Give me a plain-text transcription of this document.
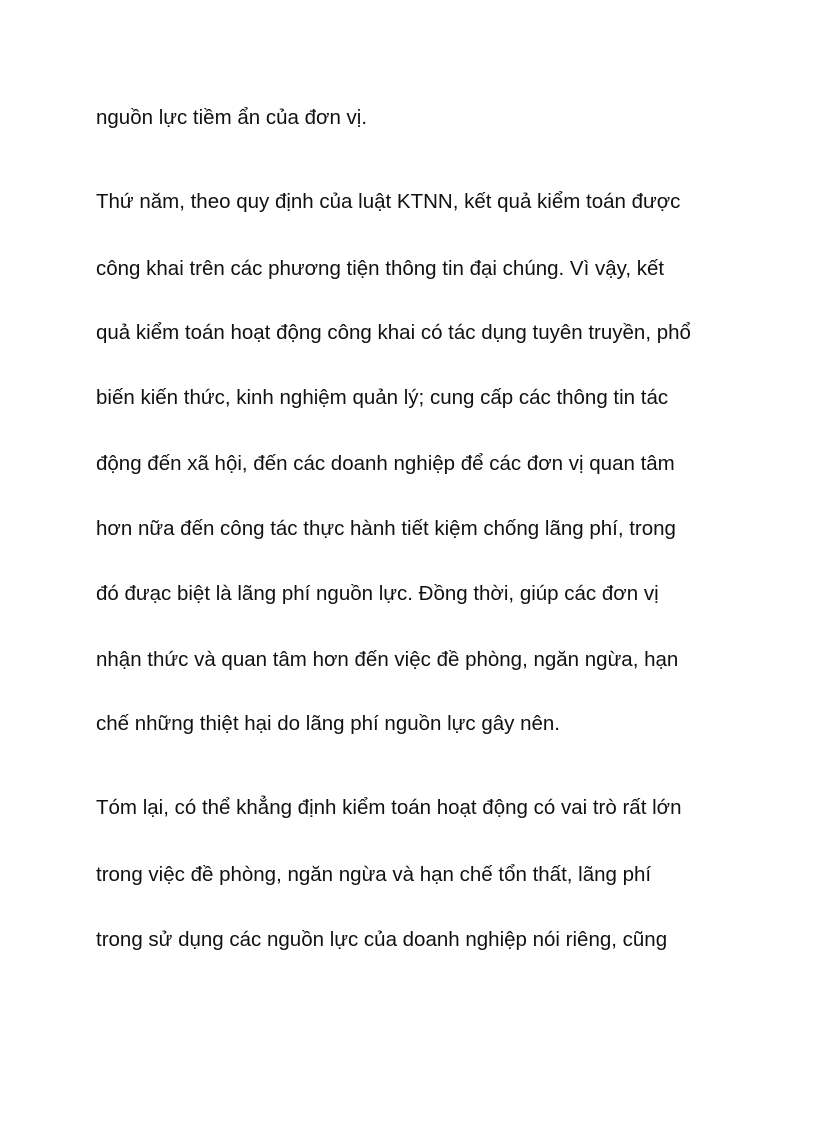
nguồn lực tiềm ẩn của đơn vị.

Thứ năm, theo quy định của luật KTNN, kết quả kiểm toán được

công khai trên các phương tiện thông tin đại chúng. Vì vậy, kết

quả kiểm toán hoạt động công khai có tác dụng tuyên truyền, phổ

biến kiến thức, kinh nghiệm quản lý; cung cấp các thông tin tác

động đến xã hội, đến các doanh nghiệp để các đơn vị quan tâm

hơn nữa đến công tác thực hành tiết kiệm chống lãng phí, trong

đó đưạc biệt là lãng phí nguồn lực. Đồng thời, giúp các đơn vị

nhận thức và quan tâm hơn đến việc đề phòng, ngăn ngừa, hạn

chế những thiệt hại do lãng phí nguồn lực gây nên.

Tóm lại, có thể khẳng định kiểm toán hoạt động có vai trò rất lớn

trong việc đề phòng, ngăn ngừa và hạn chế tổn thất, lãng phí

trong sử dụng các nguồn lực của doanh nghiệp nói riêng, cũng
